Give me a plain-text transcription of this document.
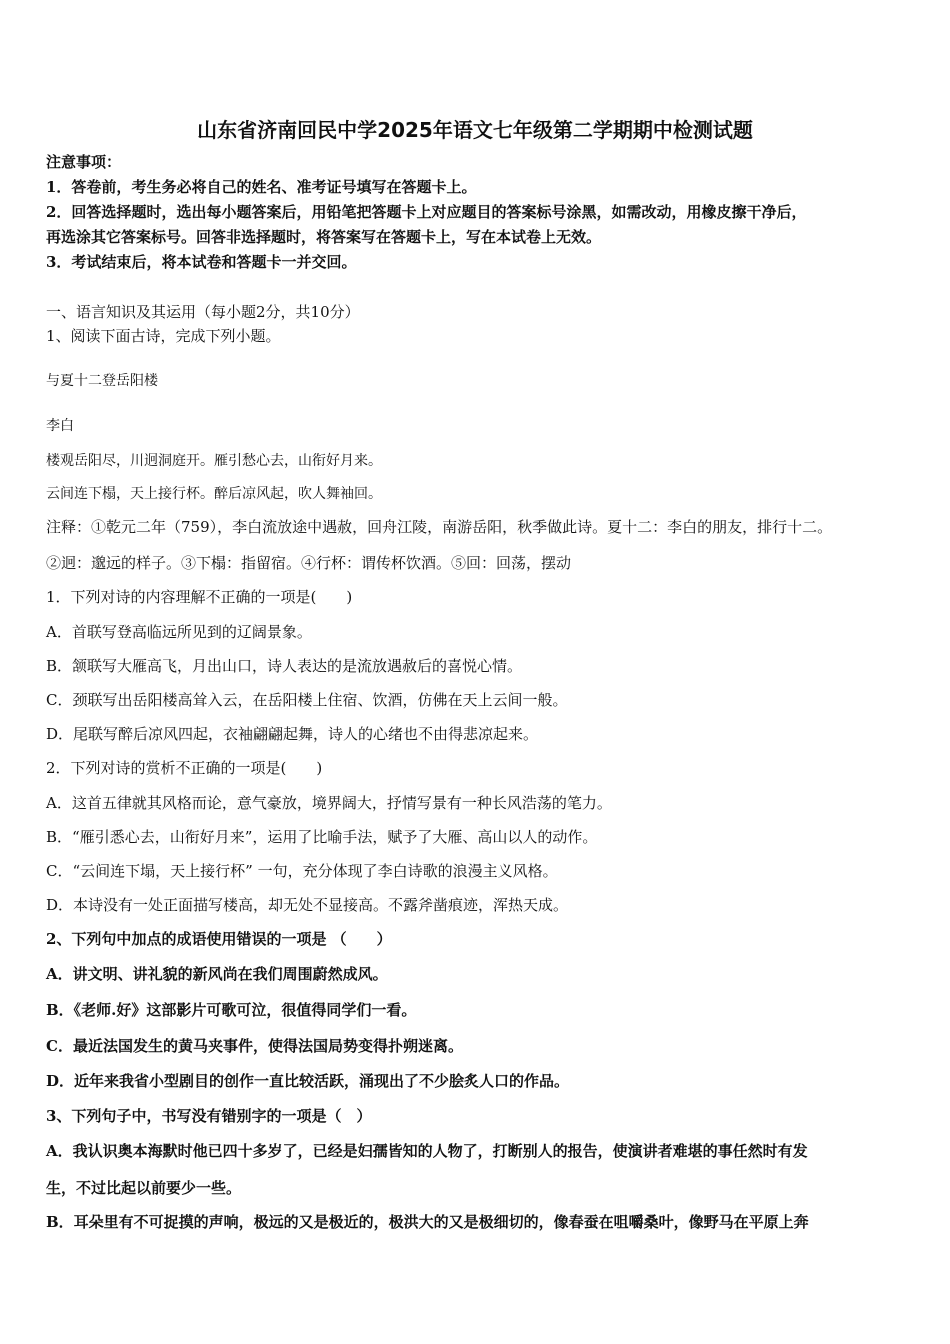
山东省济南回民中学2025年语文七年级第二学期期中检测试题
注意事项：
1．答卷前，考生务必将自己的姓名、准考证号填写在答题卡上。
2．回答选择题时，选出每小题答案后，用铅笔把答题卡上对应题目的答案标号涂黑，如需改动，用橡皮擦干净后，
再选涂其它答案标号。回答非选择题时，将答案写在答题卡上，写在本试卷上无效。
3．考试结束后，将本试卷和答题卡一并交回。
一、语言知识及其运用（每小题2分，共10分）
1、阅读下面古诗，完成下列小题。
与夏十二登岳阳楼
李白
楼观岳阳尽，川迥洞庭开。雁引愁心去，山衔好月来。
云间连下榻，天上接行杯。醉后凉风起，吹人舞袖回。
注释：①乾元二年（759），李白流放途中遇赦，回舟江陵，南游岳阳，秋季做此诗。夏十二：李白的朋友，排行十二。
②迥：邈远的样子。③下榻：指留宿。④行杯：谓传杯饮酒。⑤回：回荡，摆动
1．下列对诗的内容理解不正确的一项是(　　)
A．首联写登高临远所见到的辽阔景象。
B．颔联写大雁高飞，月出山口，诗人表达的是流放遇赦后的喜悦心情。
C．颈联写出岳阳楼高耸入云，在岳阳楼上住宿、饮酒，仿佛在天上云间一般。
D．尾联写醉后凉风四起，衣袖翩翩起舞，诗人的心绪也不由得悲凉起来。
2．下列对诗的赏析不正确的一项是(　　)
A．这首五律就其风格而论，意气豪放，境界阔大，抒情写景有一种长风浩荡的笔力。
B．“雁引悉心去，山衔好月来”，运用了比喻手法，赋予了大雁、高山以人的动作。
C．“云间连下塌，天上接行杯” 一句，充分体现了李白诗歌的浪漫主义风格。
D．本诗没有一处正面描写楼高，却无处不显接高。不露斧凿痕迹，浑热天成。
2、下列句中加点的成语使用错误的一项是 （　　）
A．讲文明、讲礼貌的新风尚在我们周围蔚然成风。
B．《老师.好》这部影片可歌可泣，很值得同学们一看。
C．最近法国发生的黄马夹事件，使得法国局势变得扑朔迷离。
D．近年来我省小型剧目的创作一直比较活跃，涌现出了不少脍炙人口的作品。
3、下列句子中，书写没有错别字的一项是（　）
A．我认识奥本海默时他已四十多岁了，已经是妇孺皆知的人物了，打断别人的报告，使演讲者难堪的事任然时有发
生，不过比起以前要少一些。
B．耳朵里有不可捉摸的声响，极远的又是极近的，极洪大的又是极细切的，像春蚕在咀嚼桑叶，像野马在平原上奔
